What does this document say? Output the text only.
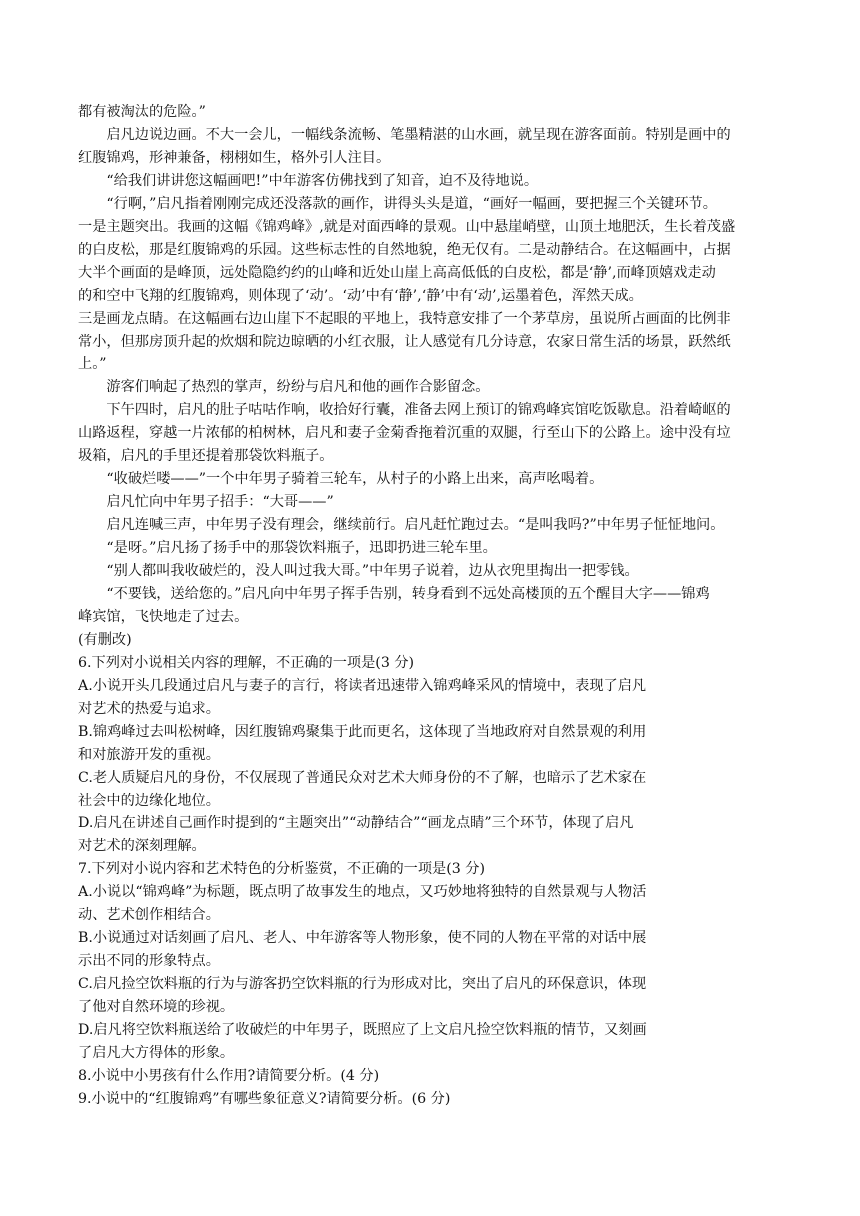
都有被淘汰的危险。”
启凡边说边画。不大一会儿，一幅线条流畅、笔墨精湛的山水画，就呈现在游客面前。特别是画中的
红腹锦鸡，形神兼备，栩栩如生，格外引人注目。
“给我们讲讲您这幅画吧!”中年游客仿佛找到了知音，迫不及待地说。
“行啊，”启凡指着刚刚完成还没落款的画作，讲得头头是道，“画好一幅画，要把握三个关键环节。
一是主题突出。我画的这幅《锦鸡峰》,就是对面西峰的景观。山中悬崖峭壁，山顶土地肥沃，生长着茂盛
的白皮松，那是红腹锦鸡的乐园。这些标志性的自然地貌，绝无仅有。二是动静结合。在这幅画中，占据
大半个画面的是峰顶，远处隐隐约约的山峰和近处山崖上高高低低的白皮松，都是‘静’,而峰顶嬉戏走动
的和空中飞翔的红腹锦鸡，则体现了‘动’。‘动’中有‘静’,‘静’中有‘动’,运墨着色，浑然天成。
三是画龙点睛。在这幅画右边山崖下不起眼的平地上，我特意安排了一个茅草房，虽说所占画面的比例非
常小，但那房顶升起的炊烟和院边晾晒的小红衣服，让人感觉有几分诗意，农家日常生活的场景，跃然纸
上。”
游客们响起了热烈的掌声，纷纷与启凡和他的画作合影留念。
下午四时，启凡的肚子咕咕作响，收拾好行囊，准备去网上预订的锦鸡峰宾馆吃饭歇息。沿着崎岖的
山路返程，穿越一片浓郁的柏树林，启凡和妻子金菊香拖着沉重的双腿，行至山下的公路上。途中没有垃
圾箱，启凡的手里还提着那袋饮料瓶子。
“收破烂喽——”一个中年男子骑着三轮车，从村子的小路上出来，高声吆喝着。
启凡忙向中年男子招手：“大哥——”
启凡连喊三声，中年男子没有理会，继续前行。启凡赶忙跑过去。“是叫我吗?”中年男子怔怔地问。
“是呀。”启凡扬了扬手中的那袋饮料瓶子，迅即扔进三轮车里。
“别人都叫我收破烂的，没人叫过我大哥。”中年男子说着，边从衣兜里掏出一把零钱。
“不要钱，送给您的。”启凡向中年男子挥手告别，转身看到不远处高楼顶的五个醒目大字——锦鸡
峰宾馆，飞快地走了过去。
(有删改)
6.下列对小说相关内容的理解，不正确的一项是(3 分)
A.小说开头几段通过启凡与妻子的言行，将读者迅速带入锦鸡峰采风的情境中，表现了启凡
对艺术的热爱与追求。
B.锦鸡峰过去叫松树峰，因红腹锦鸡聚集于此而更名，这体现了当地政府对自然景观的利用
和对旅游开发的重视。
C.老人质疑启凡的身份，不仅展现了普通民众对艺术大师身份的不了解，也暗示了艺术家在
社会中的边缘化地位。
D.启凡在讲述自己画作时提到的“主题突出”“动静结合”“画龙点睛”三个环节，体现了启凡
对艺术的深刻理解。
7.下列对小说内容和艺术特色的分析鉴赏，不正确的一项是(3 分)
A.小说以“锦鸡峰”为标题，既点明了故事发生的地点，又巧妙地将独特的自然景观与人物活
动、艺术创作相结合。
B.小说通过对话刻画了启凡、老人、中年游客等人物形象，使不同的人物在平常的对话中展
示出不同的形象特点。
C.启凡捡空饮料瓶的行为与游客扔空饮料瓶的行为形成对比，突出了启凡的环保意识，体现
了他对自然环境的珍视。
D.启凡将空饮料瓶送给了收破烂的中年男子，既照应了上文启凡捡空饮料瓶的情节，又刻画
了启凡大方得体的形象。
8.小说中小男孩有什么作用?请简要分析。(4 分)
9.小说中的“红腹锦鸡”有哪些象征意义?请简要分析。(6 分)
